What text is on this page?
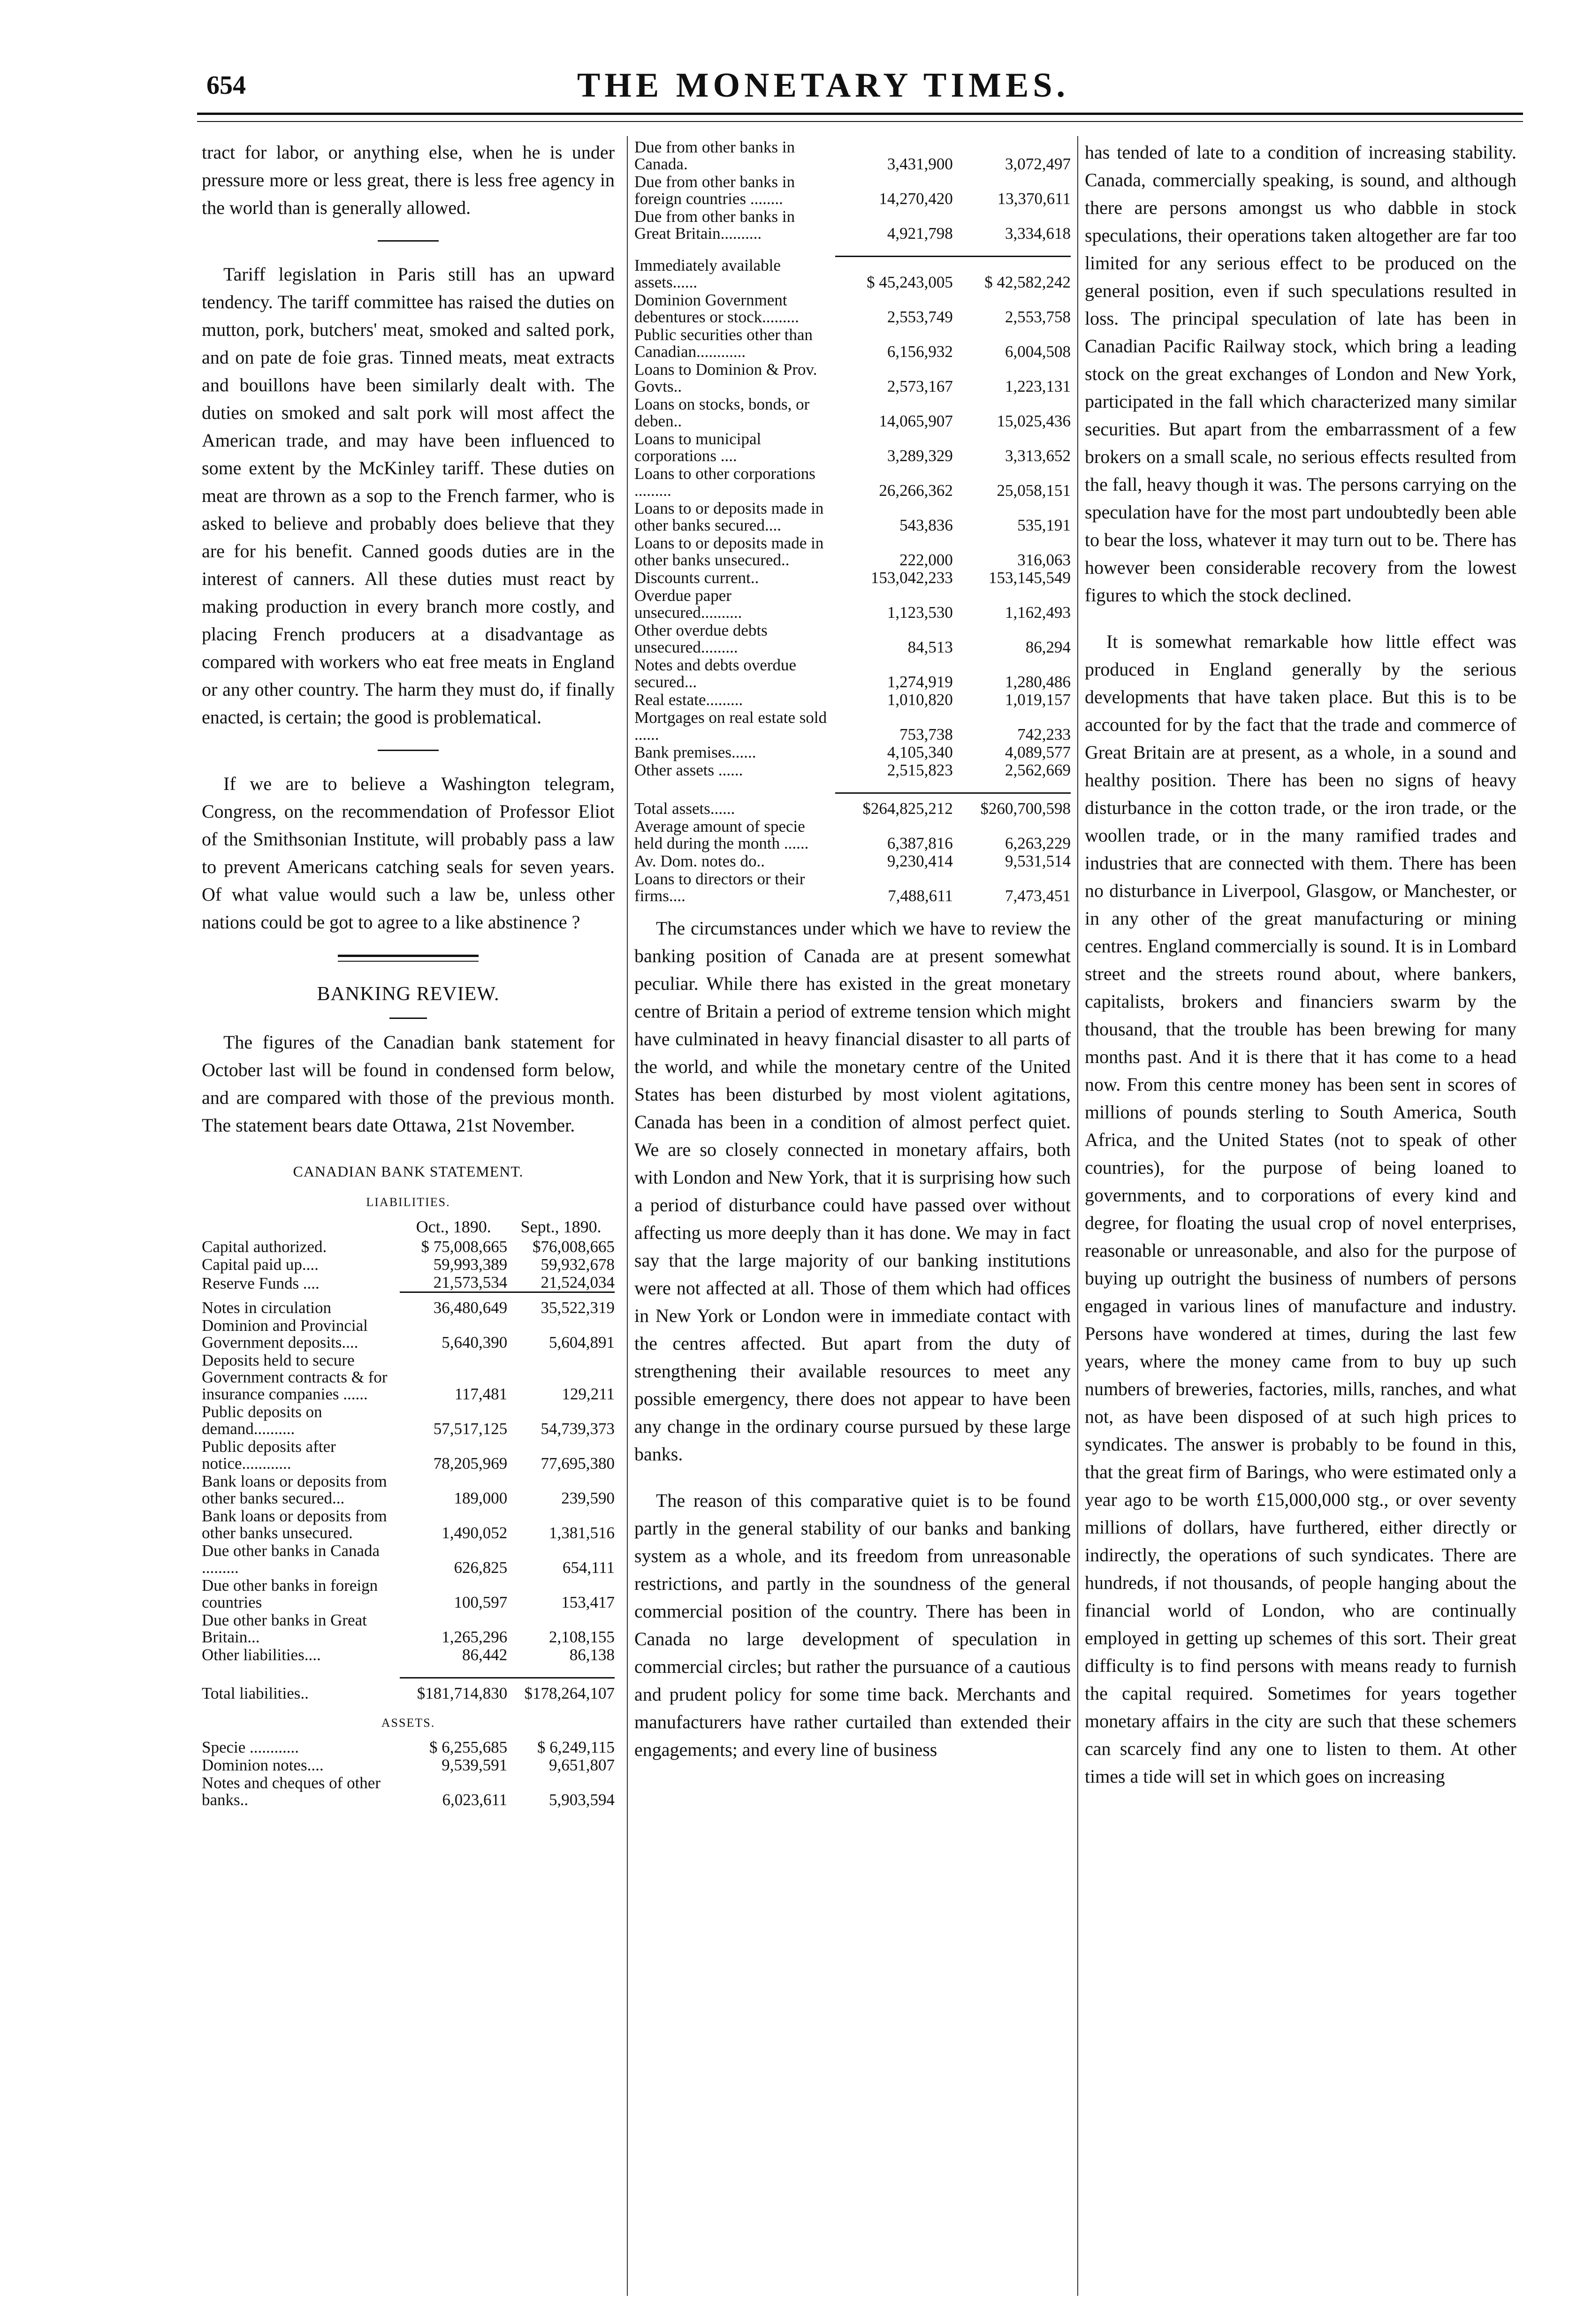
654	THE MONETARY TIMES.

tract for labor, or anything else, when he is under pressure more or less great, there is less free agency in the world than is generally allowed.

Tariff legislation in Paris still has an upward tendency. The tariff committee has raised the duties on mutton, pork, butchers' meat, smoked and salted pork, and on pate de foie gras. Tinned meats, meat extracts and bouillons have been similarly dealt with. The duties on smoked and salt pork will most affect the American trade, and may have been influenced to some extent by the McKinley tariff. These duties on meat are thrown as a sop to the French farmer, who is asked to believe and probably does believe that they are for his benefit. Canned goods duties are in the interest of canners. All these duties must react by making production in every branch more costly, and placing French producers at a disadvantage as compared with workers who eat free meats in England or any other country. The harm they must do, if finally enacted, is certain; the good is problematical.

If we are to believe a Washington telegram, Congress, on the recommendation of Professor Eliot of the Smithsonian Institute, will probably pass a law to prevent Americans catching seals for seven years. Of what value would such a law be, unless other nations could be got to agree to a like abstinence ?

BANKING REVIEW.

The figures of the Canadian bank statement for October last will be found in condensed form below, and are compared with those of the previous month. The statement bears date Ottawa, 21st November.

CANADIAN BANK STATEMENT.
LIABILITIES.
	Oct., 1890.	Sept., 1890.
Capital authorized.	$ 75,008,665	$76,008,665
Capital paid up....	59,993,389	59,932,678
Reserve Funds ....	21,573,534	21,524,034
Notes in circulation	36,480,649	35,522,319
Dominion and Provincial Government deposits....	5,640,390	5,604,891
Deposits held to secure Government contracts & for insurance companies ......	117,481	129,211
Public deposits on demand..........	57,517,125	54,739,373
Public deposits after notice............	78,205,969	77,695,380
Bank loans or deposits from other banks secured...	189,000	239,590
Bank loans or deposits from other banks unsecured.	1,490,052	1,381,516
Due other banks in Canada .........	626,825	654,111
Due other banks in foreign countries	100,597	153,417
Due other banks in Great Britain...	1,265,296	2,108,155
Other liabilities....	86,442	86,138

Total liabilities..	$181,714,830	$178,264,107
ASSETS.
Specie ............	$ 6,255,685	$ 6,249,115
Dominion notes....	9,539,591	9,651,807
Notes and cheques of other banks..	6,023,611	5,903,594
Due from other banks in Canada.	3,431,900	3,072,497
Due from other banks in foreign countries ........	14,270,420	13,370,611
Due from other banks in Great Britain..........	4,921,798	3,334,618

Immediately available assets......	$ 45,243,005	$ 42,582,242
Dominion Government debentures or stock.........	2,553,749	2,553,758
Public securities other than Canadian............	6,156,932	6,004,508
Loans to Dominion & Prov. Govts..	2,573,167	1,223,131
Loans on stocks, bonds, or deben..	14,065,907	15,025,436
Loans to municipal corporations ....	3,289,329	3,313,652
Loans to other corporations .........	26,266,362	25,058,151
Loans to or deposits made in other banks secured....	543,836	535,191
Loans to or deposits made in other banks unsecured..	222,000	316,063
Discounts current..	153,042,233	153,145,549
Overdue paper unsecured..........	1,123,530	1,162,493
Other overdue debts unsecured.........	84,513	86,294
Notes and debts overdue secured...	1,274,919	1,280,486
Real estate.........	1,010,820	1,019,157
Mortgages on real estate sold ......	753,738	742,233
Bank premises......	4,105,340	4,089,577
Other assets ......	2,515,823	2,562,669

Total assets......	$264,825,212	$260,700,598
Average amount of specie held during the month ......	6,387,816	6,263,229
Av. Dom. notes do..	9,230,414	9,531,514
Loans to directors or their firms....	7,488,611	7,473,451

The circumstances under which we have to review the banking position of Canada are at present somewhat peculiar. While there has existed in the great monetary centre of Britain a period of extreme tension which might have culminated in heavy financial disaster to all parts of the world, and while the monetary centre of the United States has been disturbed by most violent agitations, Canada has been in a condition of almost perfect quiet. We are so closely connected in monetary affairs, both with London and New York, that it is surprising how such a period of disturbance could have passed over without affecting us more deeply than it has done. We may in fact say that the large majority of our banking institutions were not affected at all. Those of them which had offices in New York or London were in immediate contact with the centres affected. But apart from the duty of strengthening their available resources to meet any possible emergency, there does not appear to have been any change in the ordinary course pursued by these large banks.

The reason of this comparative quiet is to be found partly in the general stability of our banks and banking system as a whole, and its freedom from unreasonable restrictions, and partly in the soundness of the general commercial position of the country. There has been in Canada no large development of speculation in commercial circles; but rather the pursuance of a cautious and prudent policy for some time back. Merchants and manufacturers have rather curtailed than extended their engagements; and every line of business

has tended of late to a condition of increasing stability. Canada, commercially speaking, is sound, and although there are persons amongst us who dabble in stock speculations, their operations taken altogether are far too limited for any serious effect to be produced on the general position, even if such speculations resulted in loss. The principal speculation of late has been in Canadian Pacific Railway stock, which bring a leading stock on the great exchanges of London and New York, participated in the fall which characterized many similar securities. But apart from the embarrassment of a few brokers on a small scale, no serious effects resulted from the fall, heavy though it was. The persons carrying on the speculation have for the most part undoubtedly been able to bear the loss, whatever it may turn out to be. There has however been considerable recovery from the lowest figures to which the stock declined.

It is somewhat remarkable how little effect was produced in England generally by the serious developments that have taken place. But this is to be accounted for by the fact that the trade and commerce of Great Britain are at present, as a whole, in a sound and healthy position. There has been no signs of heavy disturbance in the cotton trade, or the iron trade, or the woollen trade, or in the many ramified trades and industries that are connected with them. There has been no disturbance in Liverpool, Glasgow, or Manchester, or in any other of the great manufacturing or mining centres. England commercially is sound. It is in Lombard street and the streets round about, where bankers, capitalists, brokers and financiers swarm by the thousand, that the trouble has been brewing for many months past. And it is there that it has come to a head now. From this centre money has been sent in scores of millions of pounds sterling to South America, South Africa, and the United States (not to speak of other countries), for the purpose of being loaned to governments, and to corporations of every kind and degree, for floating the usual crop of novel enterprises, reasonable or unreasonable, and also for the purpose of buying up outright the business of numbers of persons engaged in various lines of manufacture and industry. Persons have wondered at times, during the last few years, where the money came from to buy up such numbers of breweries, factories, mills, ranches, and what not, as have been disposed of at such high prices to syndicates. The answer is probably to be found in this, that the great firm of Barings, who were estimated only a year ago to be worth £15,000,000 stg., or over seventy millions of dollars, have furthered, either directly or indirectly, the operations of such syndicates. There are hundreds, if not thousands, of people hanging about the financial world of London, who are continually employed in getting up schemes of this sort. Their great difficulty is to find persons with means ready to furnish the capital required. Sometimes for years together monetary affairs in the city are such that these schemers can scarcely find any one to listen to them. At other times a tide will set in which goes on increasing
